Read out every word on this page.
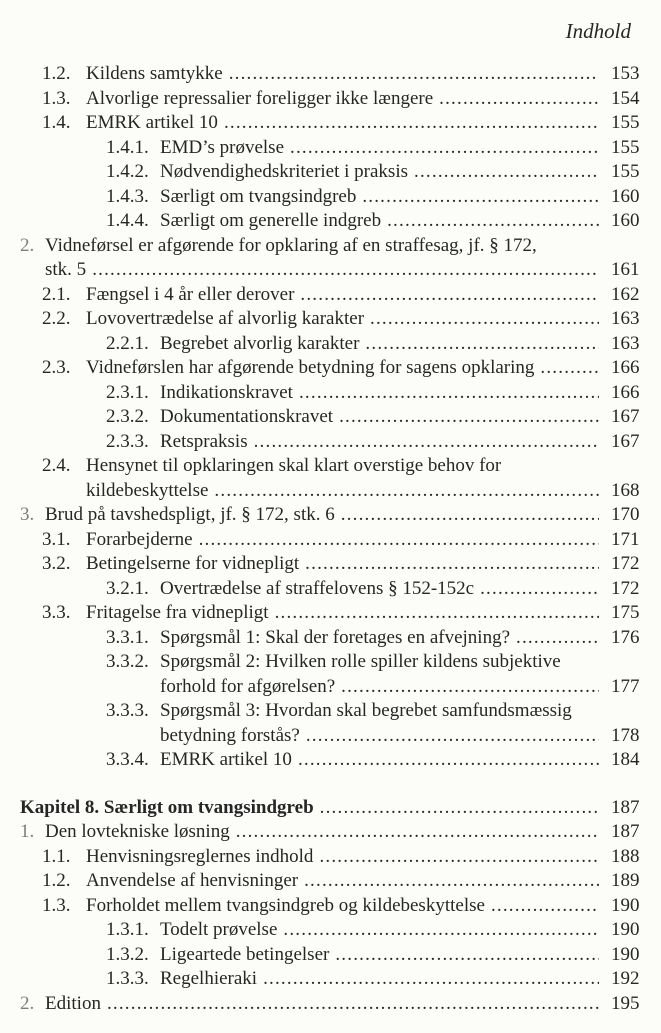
Indhold
1.2. Kildens samtykke .....	153
1.3. Alvorlige repressalier foreligger ikke længere .....	154
1.4. EMRK artikel 10 .....	155
1.4.1. EMD’s prøvelse .....	155
1.4.2. Nødvendighedskriteriet i praksis .....	155
1.4.3. Særligt om tvangsindgreb .....	160
1.4.4. Særligt om generelle indgreb .....	160
2. Vidneførsel er afgørende for opklaring af en straffesag, jf. § 172,
stk. 5 .....	161
2.1. Fængsel i 4 år eller derover .....	162
2.2. Lovovertrædelse af alvorlig karakter .....	163
2.2.1. Begrebet alvorlig karakter .....	163
2.3. Vidneførslen har afgørende betydning for sagens opklaring .....	166
2.3.1. Indikationskravet .....	166
2.3.2. Dokumentationskravet .....	167
2.3.3. Retspraksis .....	167
2.4. Hensynet til opklaringen skal klart overstige behov for
kildebeskyttelse .....	168
3. Brud på tavshedspligt, jf. § 172, stk. 6 .....	170
3.1. Forarbejderne .....	171
3.2. Betingelserne for vidnepligt .....	172
3.2.1. Overtrædelse af straffelovens § 152-152c .....	172
3.3. Fritagelse fra vidnepligt .....	175
3.3.1. Spørgsmål 1: Skal der foretages en afvejning? .....	176
3.3.2. Spørgsmål 2: Hvilken rolle spiller kildens subjektive
forhold for afgørelsen? .....	177
3.3.3. Spørgsmål 3: Hvordan skal begrebet samfundsmæssig
betydning forstås? .....	178
3.3.4. EMRK artikel 10 .....	184
Kapitel 8. Særligt om tvangsindgreb .....	187
1. Den lovtekniske løsning .....	187
1.1. Henvisningsreglernes indhold .....	188
1.2. Anvendelse af henvisninger .....	189
1.3. Forholdet mellem tvangsindgreb og kildebeskyttelse .....	190
1.3.1. Todelt prøvelse .....	190
1.3.2. Ligeartede betingelser .....	190
1.3.3. Regelhieraki .....	192
2. Edition .....	195
